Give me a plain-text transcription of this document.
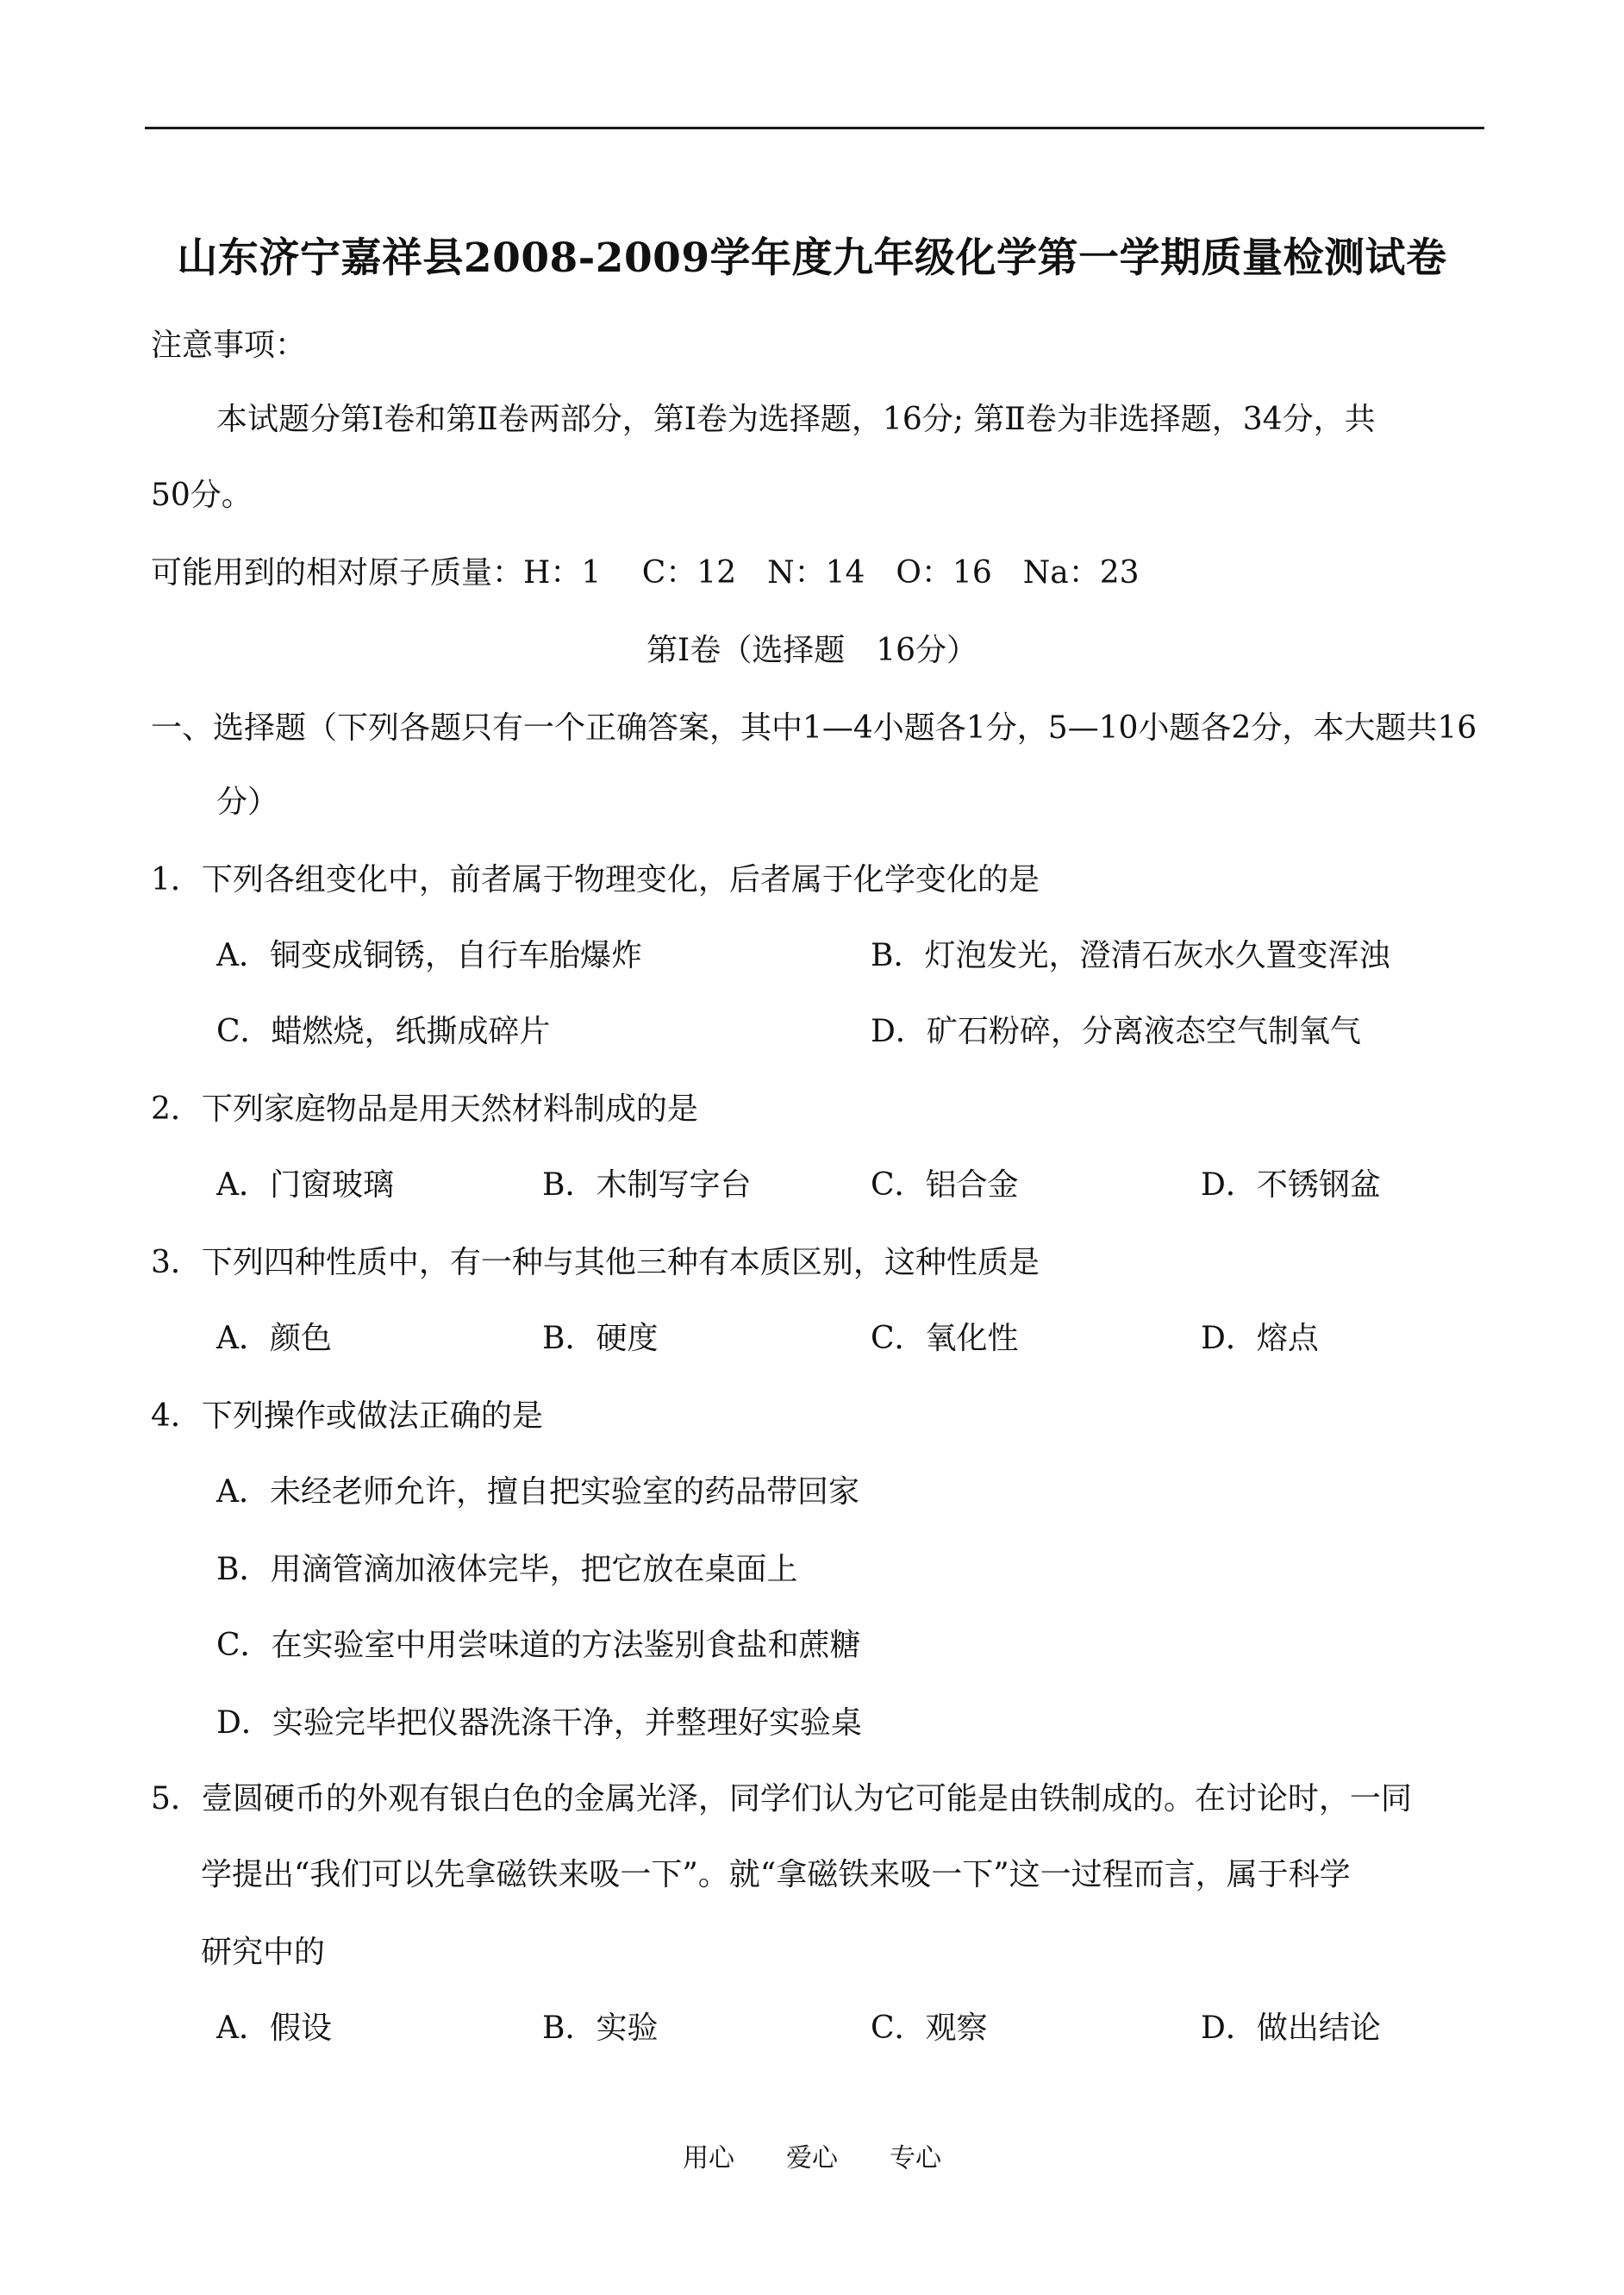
山东济宁嘉祥县2008-2009学年度九年级化学第一学期质量检测试卷
注意事项：
本试题分第Ⅰ卷和第Ⅱ卷两部分，第Ⅰ卷为选择题，16分; 第Ⅱ卷为非选择题，34分，共
50分。
可能用到的相对原子质量：H：1　 C：12　N：14　O：16　Na：23
第Ⅰ卷（选择题　16分）
一、选择题（下列各题只有一个正确答案，其中1—4小题各1分，5—10小题各2分，本大题共16
分）
1．下列各组变化中，前者属于物理变化，后者属于化学变化的是
A．铜变成铜锈，自行车胎爆炸	B．灯泡发光，澄清石灰水久置变浑浊
C．蜡燃烧，纸撕成碎片	D．矿石粉碎，分离液态空气制氧气
2．下列家庭物品是用天然材料制成的是
A．门窗玻璃	B．木制写字台	C．铝合金	D．不锈钢盆
3．下列四种性质中，有一种与其他三种有本质区别，这种性质是
A．颜色	B．硬度	C．氧化性	D．熔点
4．下列操作或做法正确的是
A．未经老师允许，擅自把实验室的药品带回家
B．用滴管滴加液体完毕，把它放在桌面上
C．在实验室中用尝味道的方法鉴别食盐和蔗糖
D．实验完毕把仪器洗涤干净，并整理好实验桌
5．壹圆硬币的外观有银白色的金属光泽，同学们认为它可能是由铁制成的。在讨论时，一同
学提出“我们可以先拿磁铁来吸一下”。就“拿磁铁来吸一下”这一过程而言，属于科学
研究中的
A．假设	B．实验	C．观察	D．做出结论
用心　　爱心　　专心
